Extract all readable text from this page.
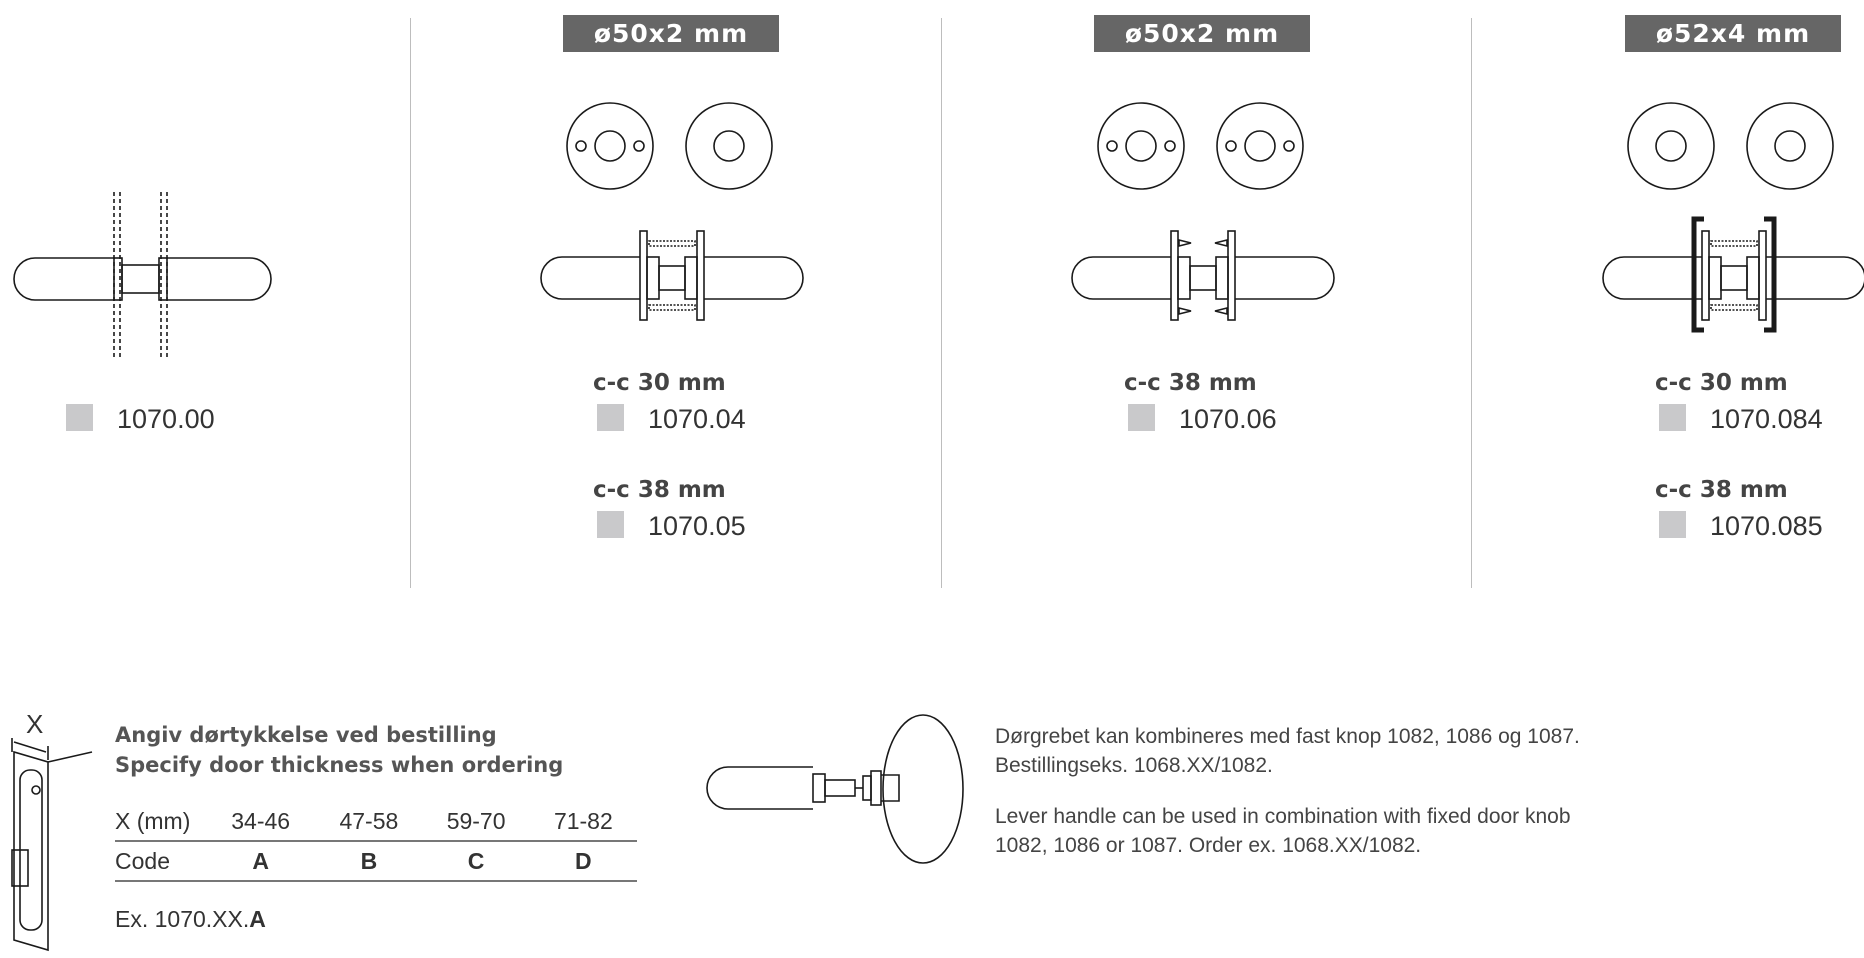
1070.00
ø50x2 mm
c-c 30 mm
1070.04
c-c 38 mm
1070.05
ø50x2 mm
c-c 38 mm
1070.06
ø52x4 mm
c-c 30 mm
1070.084
c-c 38 mm
1070.085
X	Angiv dørtykkelse ved bestilling
Specify door thickness when ordering
X (mm)	34-46	47-58	59-70	71-82
Code	A	B	C	D
Ex. 1070.XX.A
Dørgrebet kan kombineres med fast knop 1082, 1086 og 1087. Bestillingseks. 1068.XX/1082.
Lever handle can be used in combination with fixed door knob 1082, 1086 or 1087. Order ex. 1068.XX/1082.
